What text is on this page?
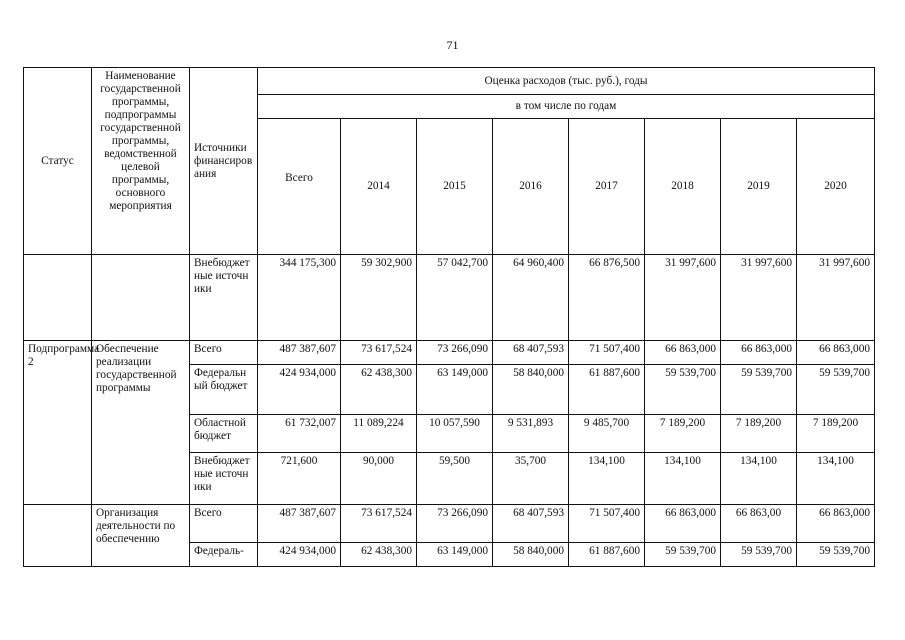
71
Статус	Наименование государственной программы, подпрограммы государственной программы, ведомственной целевой программы, основного мероприятия	Источники финансирования	Оценка расходов (тыс. руб.), годы							
			в том числе по годам							
			Всего	2014	2015	2016	2017	2018	2019	2020
		Внебюджетные источники	344 175,300	59 302,900	57 042,700	64 960,400	66 876,500	31 997,600	31 997,600	31 997,600
Подпрограмма 2	Обеспечение реализации государственной программы	Всего	487 387,607	73 617,524	73 266,090	68 407,593	71 507,400	66 863,000	66 863,000	66 863,000
		Федеральный бюджет	424 934,000	62 438,300	63 149,000	58 840,000	61 887,600	59 539,700	59 539,700	59 539,700
		Областной бюджет	61 732,007	11 089,224	10 057,590	9 531,893	9 485,700	7 189,200	7 189,200	7 189,200
		Внебюджетные источники	721,600	90,000	59,500	35,700	134,100	134,100	134,100	134,100
	Организация деятельности по обеспечению	Всего	487 387,607	73 617,524	73 266,090	68 407,593	71 507,400	66 863,000	66 863,00	66 863,000
		Федераль-	424 934,000	62 438,300	63 149,000	58 840,000	61 887,600	59 539,700	59 539,700	59 539,700
